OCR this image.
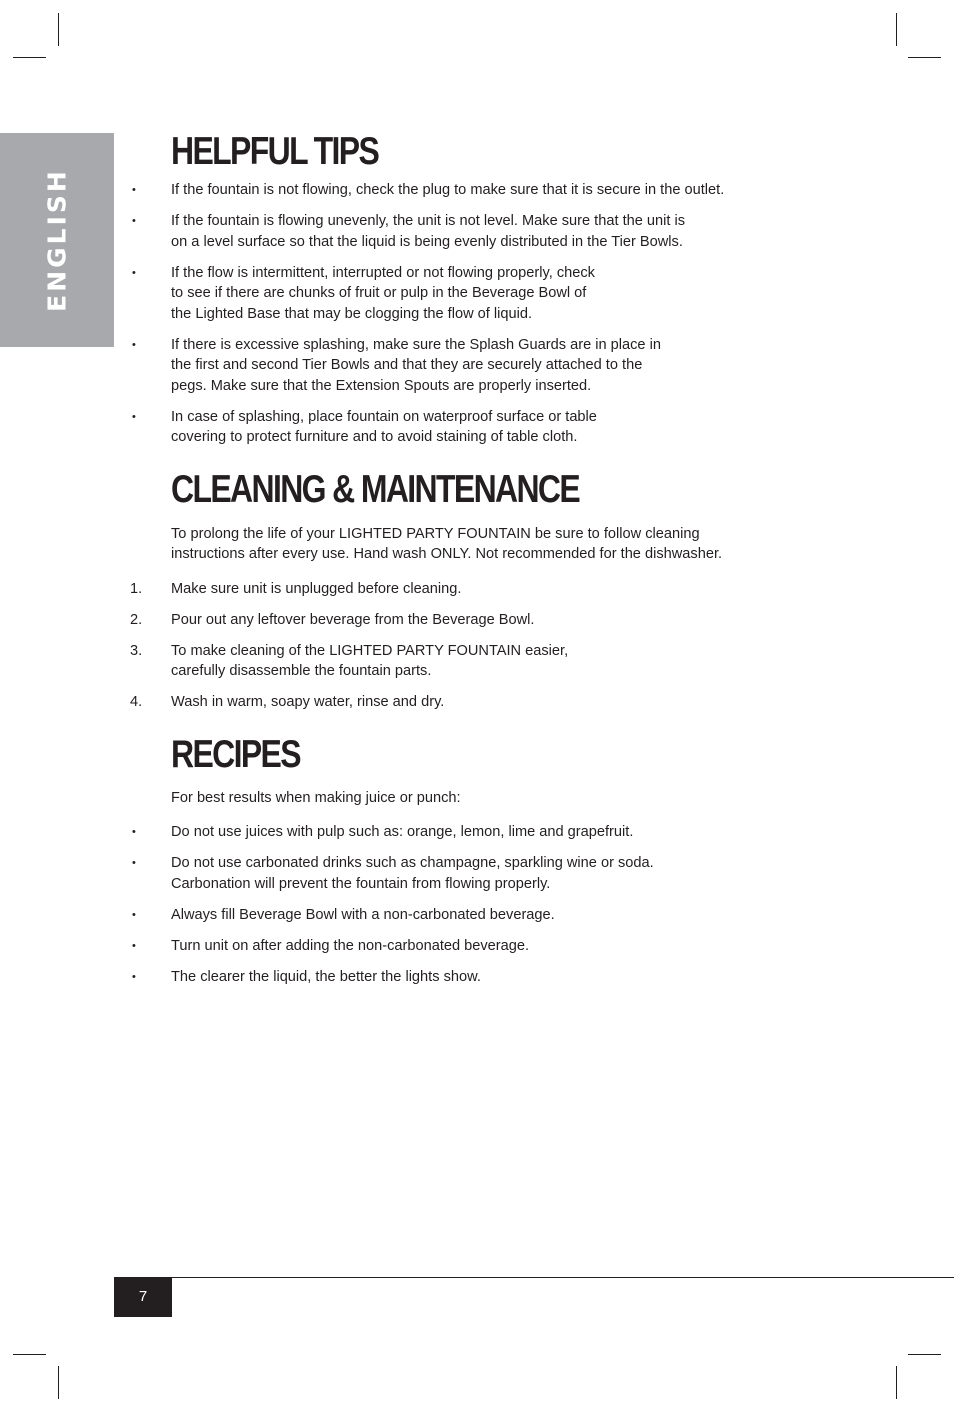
ENGLISH
HELPFUL TIPS
• If the fountain is not flowing, check the plug to make sure that it is secure in the outlet.
• If the fountain is flowing unevenly, the unit is not level. Make sure that the unit is
on a level surface so that the liquid is being evenly distributed in the Tier Bowls.
• If the flow is intermittent, interrupted or not flowing properly, check
to see if there are chunks of fruit or pulp in the Beverage Bowl of
the Lighted Base that may be clogging the flow of liquid.
• If there is excessive splashing, make sure the Splash Guards are in place in
the first and second Tier Bowls and that they are securely attached to the
pegs. Make sure that the Extension Spouts are properly inserted.
• In case of splashing, place fountain on waterproof surface or table
covering to protect furniture and to avoid staining of table cloth.
CLEANING & MAINTENANCE

To prolong the life of your LIGHTED PARTY FOUNTAIN be sure to follow cleaning
instructions after every use. Hand wash ONLY. Not recommended for the dishwasher.

1. Make sure unit is unplugged before cleaning.
2. Pour out any leftover beverage from the Beverage Bowl.
3. To make cleaning of the LIGHTED PARTY FOUNTAIN easier,
carefully disassemble the fountain parts.
4. Wash in warm, soapy water, rinse and dry.
RECIPES

For best results when making juice or punch:

• Do not use juices with pulp such as: orange, lemon, lime and grapefruit.
• Do not use carbonated drinks such as champagne, sparkling wine or soda.
Carbonation will prevent the fountain from flowing properly.
• Always fill Beverage Bowl with a non-carbonated beverage.
• Turn unit on after adding the non-carbonated beverage.
• The clearer the liquid, the better the lights show.
7
